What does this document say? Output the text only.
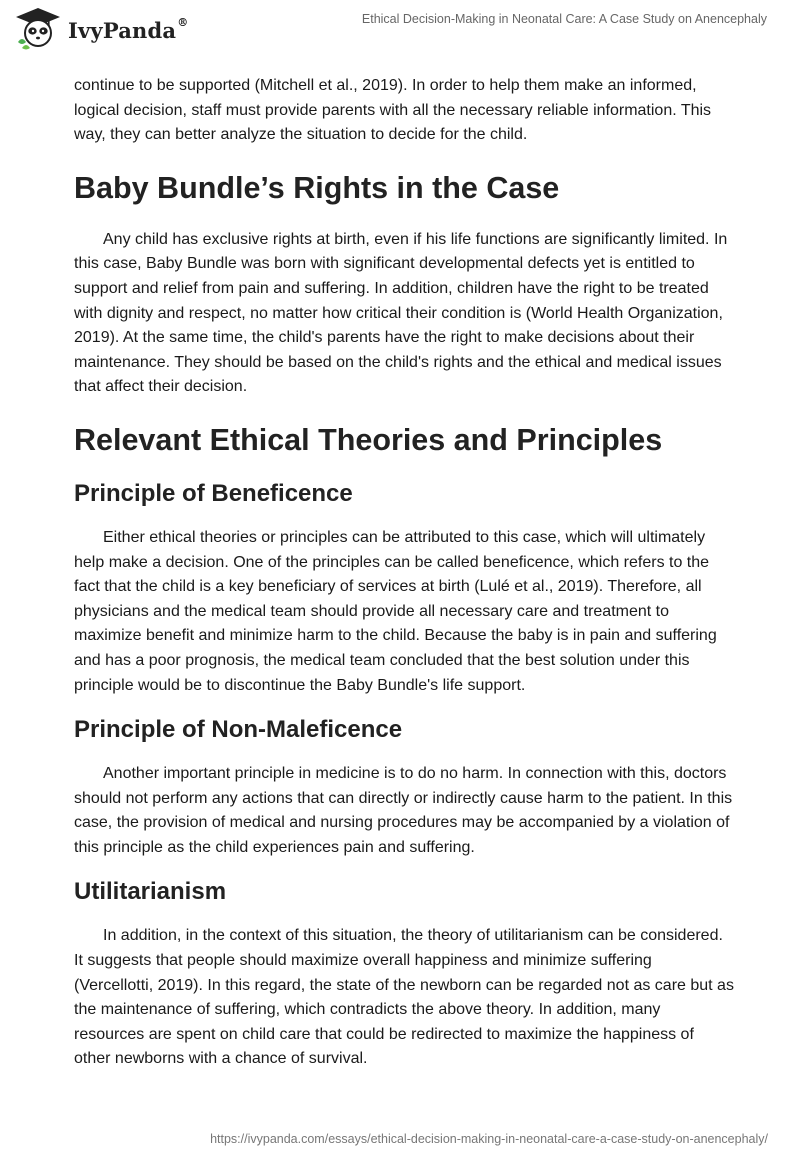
IvyPanda®	Ethical Decision-Making in Neonatal Care: A Case Study on Anencephaly

continue to be supported (Mitchell et al., 2019). In order to help them make an informed, logical decision, staff must provide parents with all the necessary reliable information. This way, they can better analyze the situation to decide for the child.

Baby Bundle’s Rights in the Case

Any child has exclusive rights at birth, even if his life functions are significantly limited. In this case, Baby Bundle was born with significant developmental defects yet is entitled to support and relief from pain and suffering. In addition, children have the right to be treated with dignity and respect, no matter how critical their condition is (World Health Organization, 2019). At the same time, the child's parents have the right to make decisions about their maintenance. They should be based on the child's rights and the ethical and medical issues that affect their decision.

Relevant Ethical Theories and Principles
Principle of Beneficence

Either ethical theories or principles can be attributed to this case, which will ultimately help make a decision. One of the principles can be called beneficence, which refers to the fact that the child is a key beneficiary of services at birth (Lulé et al., 2019). Therefore, all physicians and the medical team should provide all necessary care and treatment to maximize benefit and minimize harm to the child. Because the baby is in pain and suffering and has a poor prognosis, the medical team concluded that the best solution under this principle would be to discontinue the Baby Bundle's life support.

Principle of Non-Maleficence

Another important principle in medicine is to do no harm. In connection with this, doctors should not perform any actions that can directly or indirectly cause harm to the patient. In this case, the provision of medical and nursing procedures may be accompanied by a violation of this principle as the child experiences pain and suffering.

Utilitarianism

In addition, in the context of this situation, the theory of utilitarianism can be considered. It suggests that people should maximize overall happiness and minimize suffering (Vercellotti, 2019). In this regard, the state of the newborn can be regarded not as care but as the maintenance of suffering, which contradicts the above theory. In addition, many resources are spent on child care that could be redirected to maximize the happiness of other newborns with a chance of survival.

https://ivypanda.com/essays/ethical-decision-making-in-neonatal-care-a-case-study-on-anencephaly/
